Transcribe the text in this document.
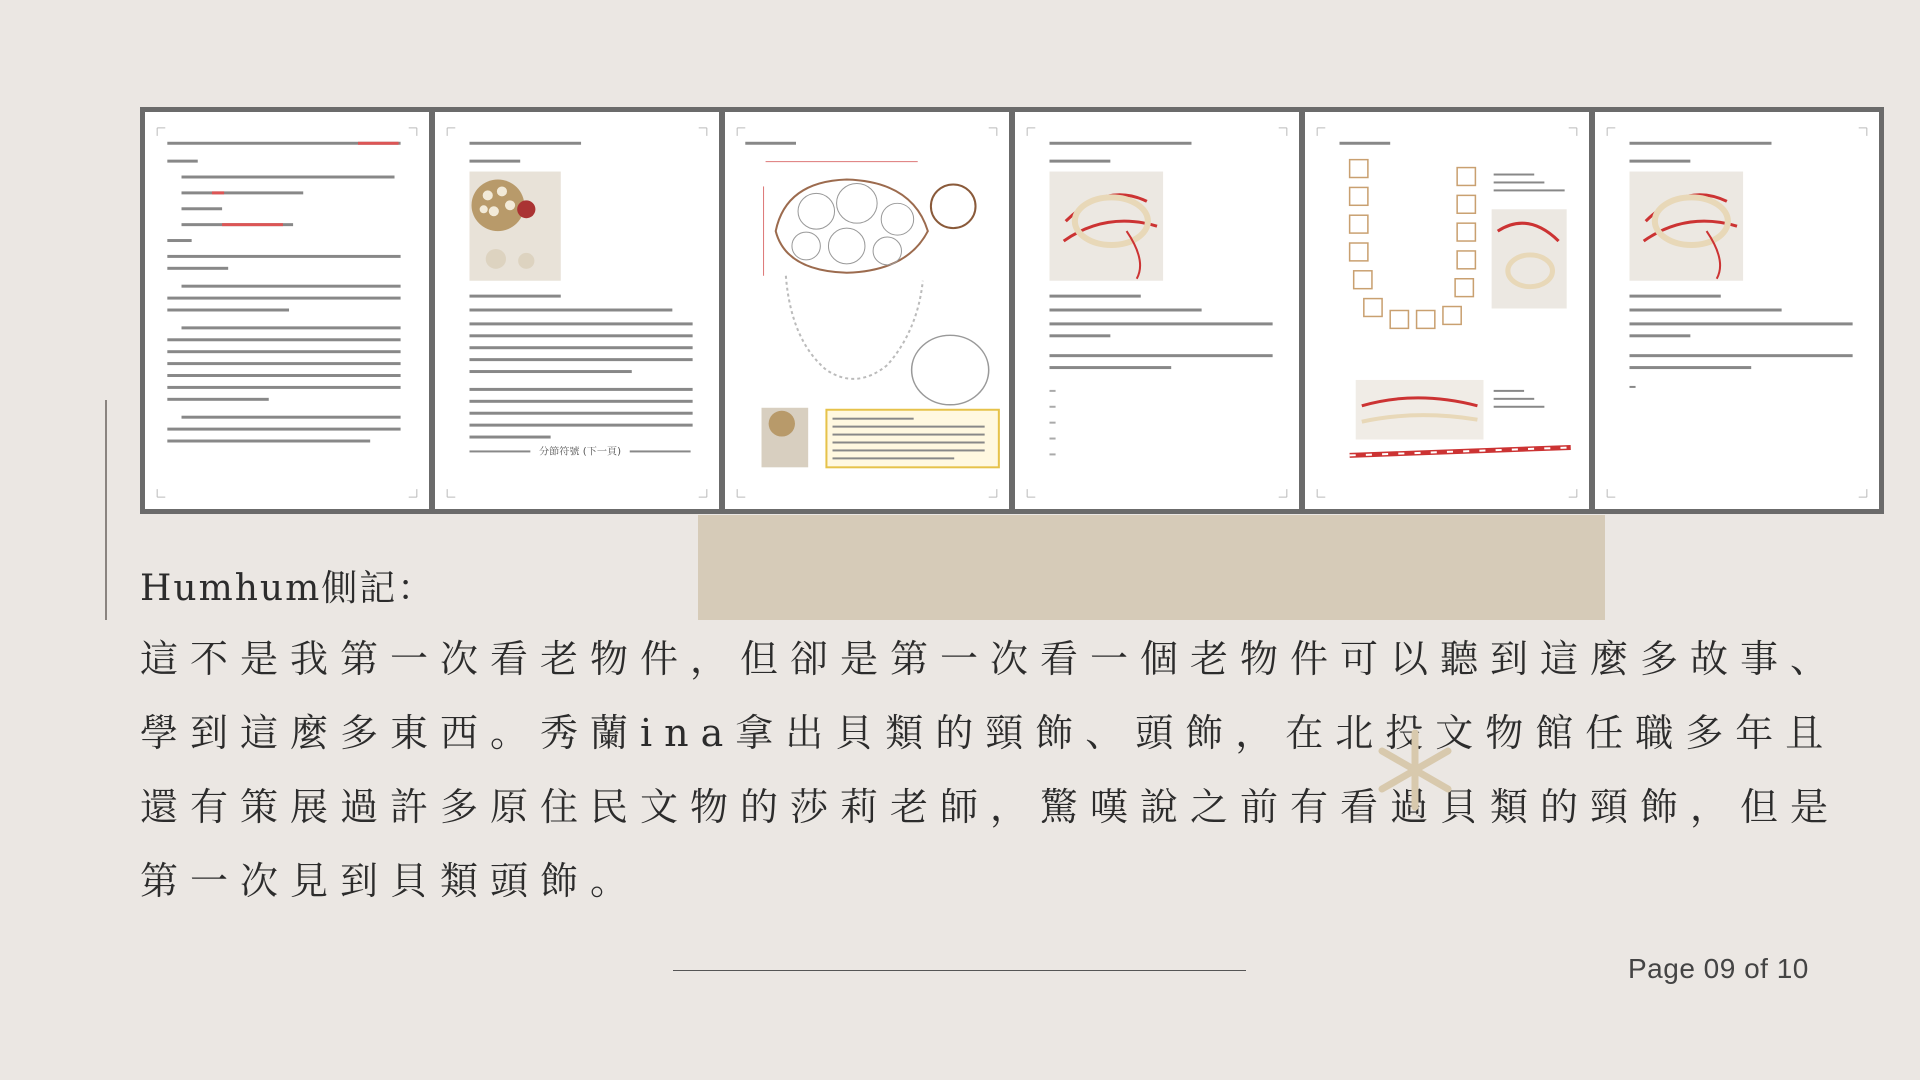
分節符號 (下一頁)
Humhum側記：

這不是我第一次看老物件，但卻是第一次看一個老物件可以聽到這麼多故事、學到這麼多東西。秀蘭ina拿出貝類的頸飾、頭飾，在北投文物館任職多年且還有策展過許多原住民文物的莎莉老師，驚嘆說之前有看過貝類的頸飾，但是第一次見到貝類頭飾。

Page 09 of 10
